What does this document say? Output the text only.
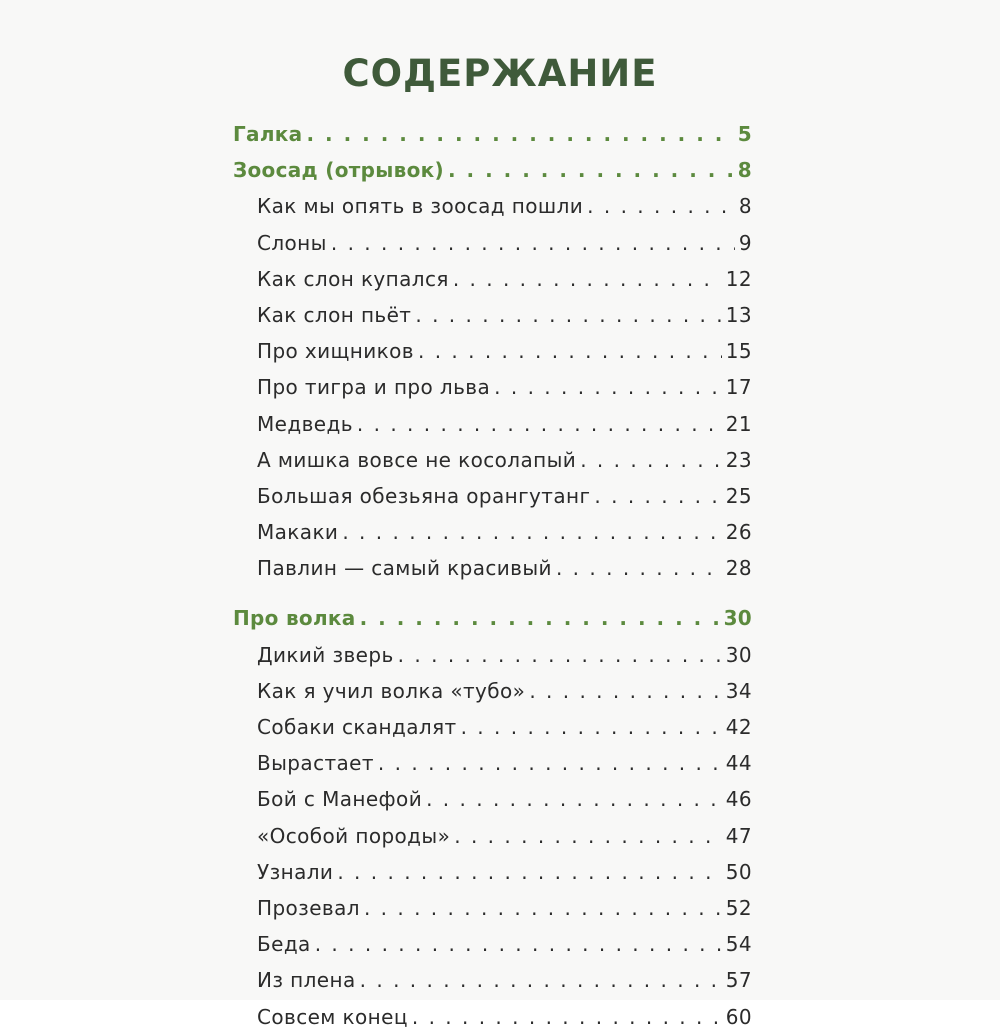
СОДЕРЖАНИЕ
Галка . . .	5
Зоосад (отрывок) . . .	8
Как мы опять в зоосад пошли . . .	8
Слоны . . .	9
Как слон купался . . .	12
Как слон пьёт . . .	13
Про хищников . . .	15
Про тигра и про льва . . .	17
Медведь . . .	21
А мишка вовсе не косолапый . . .	23
Большая обезьяна орангутанг . . .	25
Макаки . . .	26
Павлин — самый красивый . . .	28
Про волка . . .	30
Дикий зверь . . .	30
Как я учил волка «тубо» . . .	34
Собаки скандалят . . .	42
Вырастает . . .	44
Бой с Манефой . . .	46
«Особой породы» . . .	47
Узнали . . .	50
Прозевал . . .	52
Беда . . .	54
Из плена . . .	57
Совсем конец . . .	60
